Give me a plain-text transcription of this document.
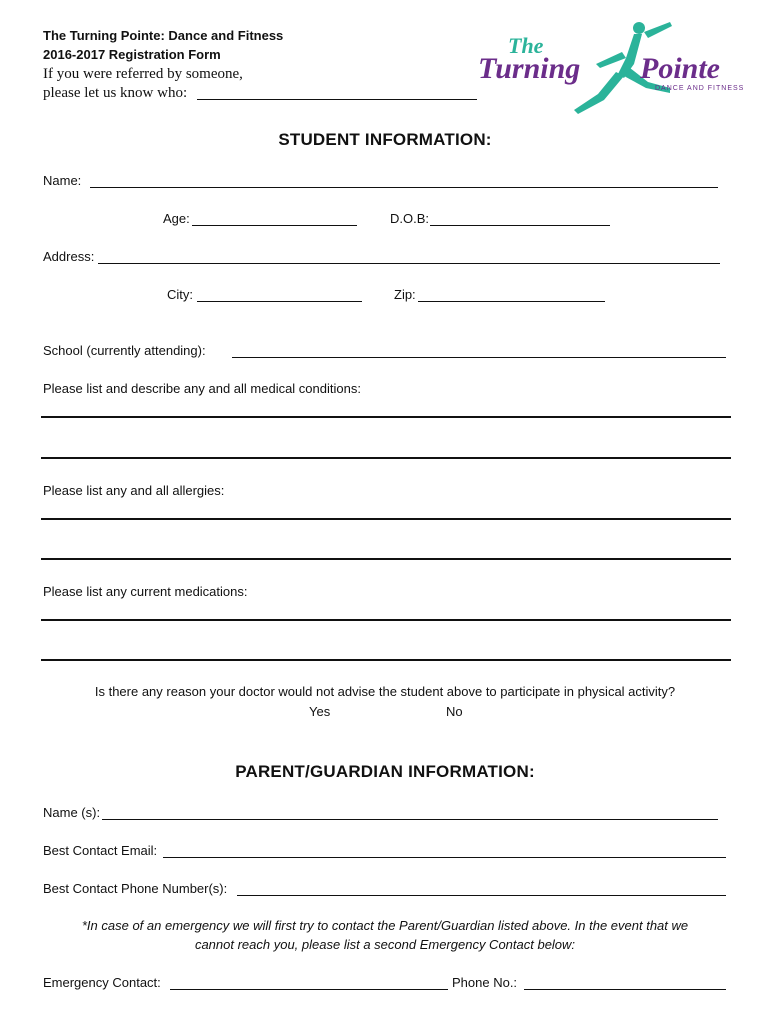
The Turning Pointe: Dance and Fitness
2016-2017 Registration Form
If you were referred by someone,
please let us know who:
The
Turning Pointe
DANCE AND FITNESS
STUDENT INFORMATION:
Name:
Age:	D.O.B:
Address:
City:	Zip:
School (currently attending):
Please list and describe any and all medical conditions:
Please list any and all allergies:
Please list any current medications:
Is there any reason your doctor would not advise the student above to participate in physical activity?
Yes	No
PARENT/GUARDIAN INFORMATION:
Name (s):
Best Contact Email:
Best Contact Phone Number(s):
*In case of an emergency we will first try to contact the Parent/Guardian listed above. In the event that we
cannot reach you, please list a second Emergency Contact below:
Emergency Contact:	Phone No.:
